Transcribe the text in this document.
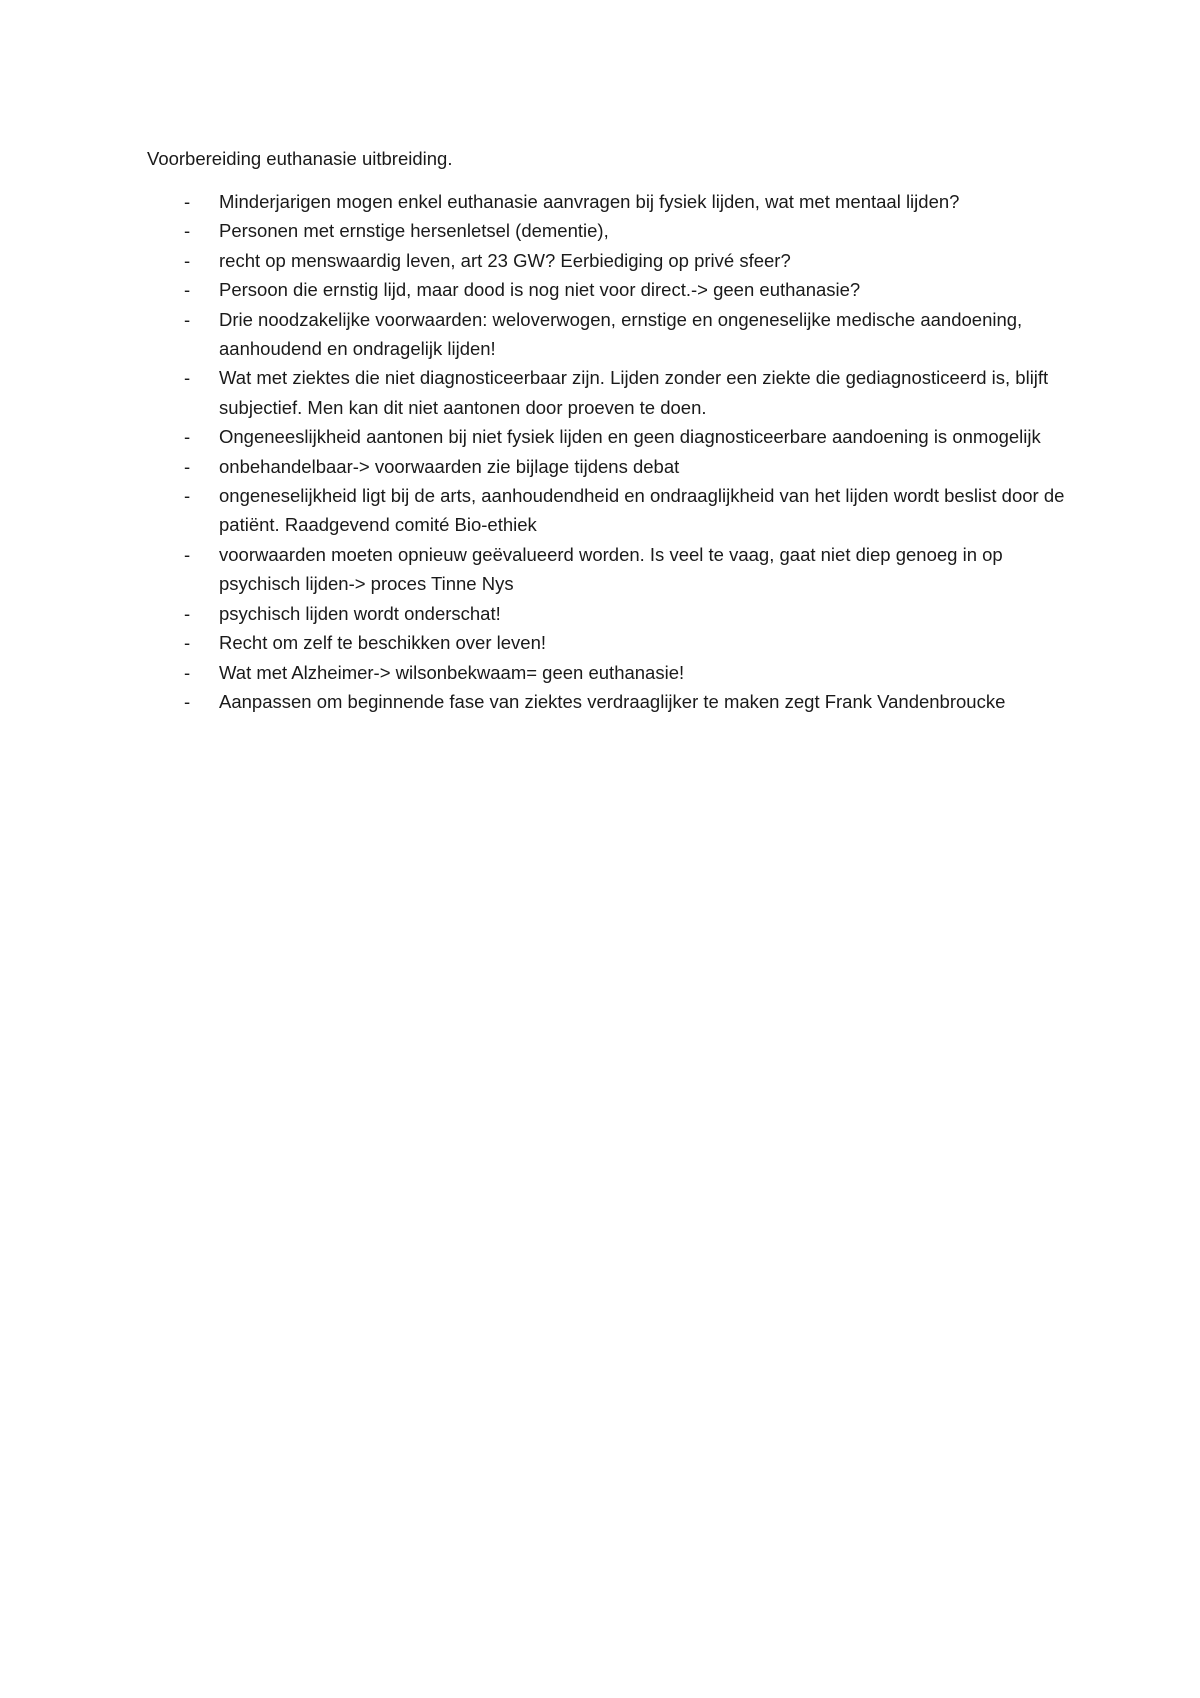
Voorbereiding euthanasie uitbreiding.
-	Minderjarigen mogen enkel euthanasie aanvragen bij fysiek lijden, wat met mentaal lijden?
-	Personen met ernstige hersenletsel (dementie),
-	recht op menswaardig leven, art 23 GW? Eerbiediging op privé sfeer?
-	Persoon die ernstig lijd, maar dood is nog niet voor direct.-> geen euthanasie?
-	Drie noodzakelijke voorwaarden: weloverwogen, ernstige en ongeneselijke medische aandoening, aanhoudend en ondragelijk lijden!
-	Wat met ziektes die niet diagnosticeerbaar zijn. Lijden zonder een ziekte die gediagnosticeerd is, blijft subjectief. Men kan dit niet aantonen door proeven te doen.
-	Ongeneeslijkheid aantonen bij niet fysiek lijden en geen diagnosticeerbare aandoening is onmogelijk
-	onbehandelbaar-> voorwaarden zie bijlage tijdens debat
-	ongeneselijkheid ligt bij de arts, aanhoudendheid en ondraaglijkheid van het lijden wordt beslist door de patiënt. Raadgevend comité Bio-ethiek
-	voorwaarden moeten opnieuw geëvalueerd worden. Is veel te vaag, gaat niet diep genoeg in op psychisch lijden-> proces Tinne Nys
-	psychisch lijden wordt onderschat!
-	Recht om zelf te beschikken over leven!
-	Wat met Alzheimer-> wilsonbekwaam= geen euthanasie!
-	Aanpassen om beginnende fase van ziektes verdraaglijker te maken zegt Frank Vandenbroucke
